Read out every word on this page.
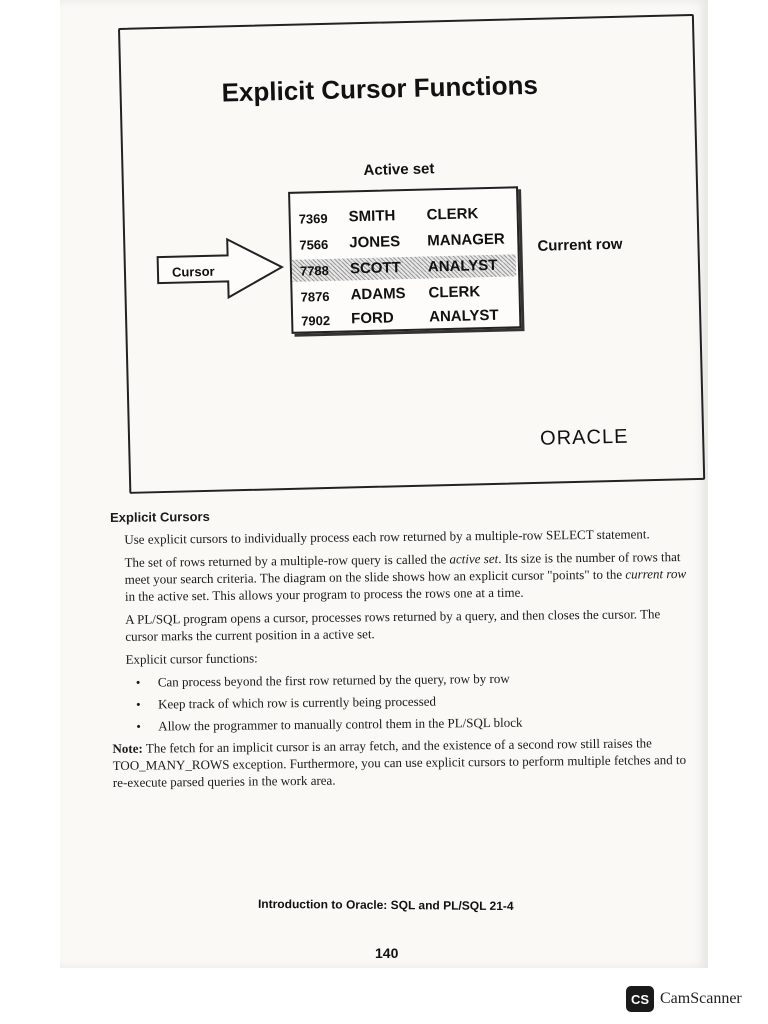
Explicit Cursor Functions
Active set
7369 SMITH CLERK
7566 JONES MANAGER
7788 SCOTT ANALYST
7876 ADAMS CLERK
7902 FORD ANALYST
Current row
Cursor
ORACLE
Explicit Cursors

Use explicit cursors to individually process each row returned by a multiple-row SELECT statement.

The set of rows returned by a multiple-row query is called the active set. Its size is the number of rows that meet your search criteria. The diagram on the slide shows how an explicit cursor "points" to the current row in the active set. This allows your program to process the rows one at a time.

A PL/SQL program opens a cursor, processes rows returned by a query, and then closes the cursor. The cursor marks the current position in a active set.

Explicit cursor functions:

• Can process beyond the first row returned by the query, row by row
• Keep track of which row is currently being processed
• Allow the programmer to manually control them in the PL/SQL block

Note: The fetch for an implicit cursor is an array fetch, and the existence of a second row still raises the TOO_MANY_ROWS exception. Furthermore, you can use explicit cursors to perform multiple fetches and to re-execute parsed queries in the work area.

Introduction to Oracle: SQL and PL/SQL 21-4
140
CS CamScanner
